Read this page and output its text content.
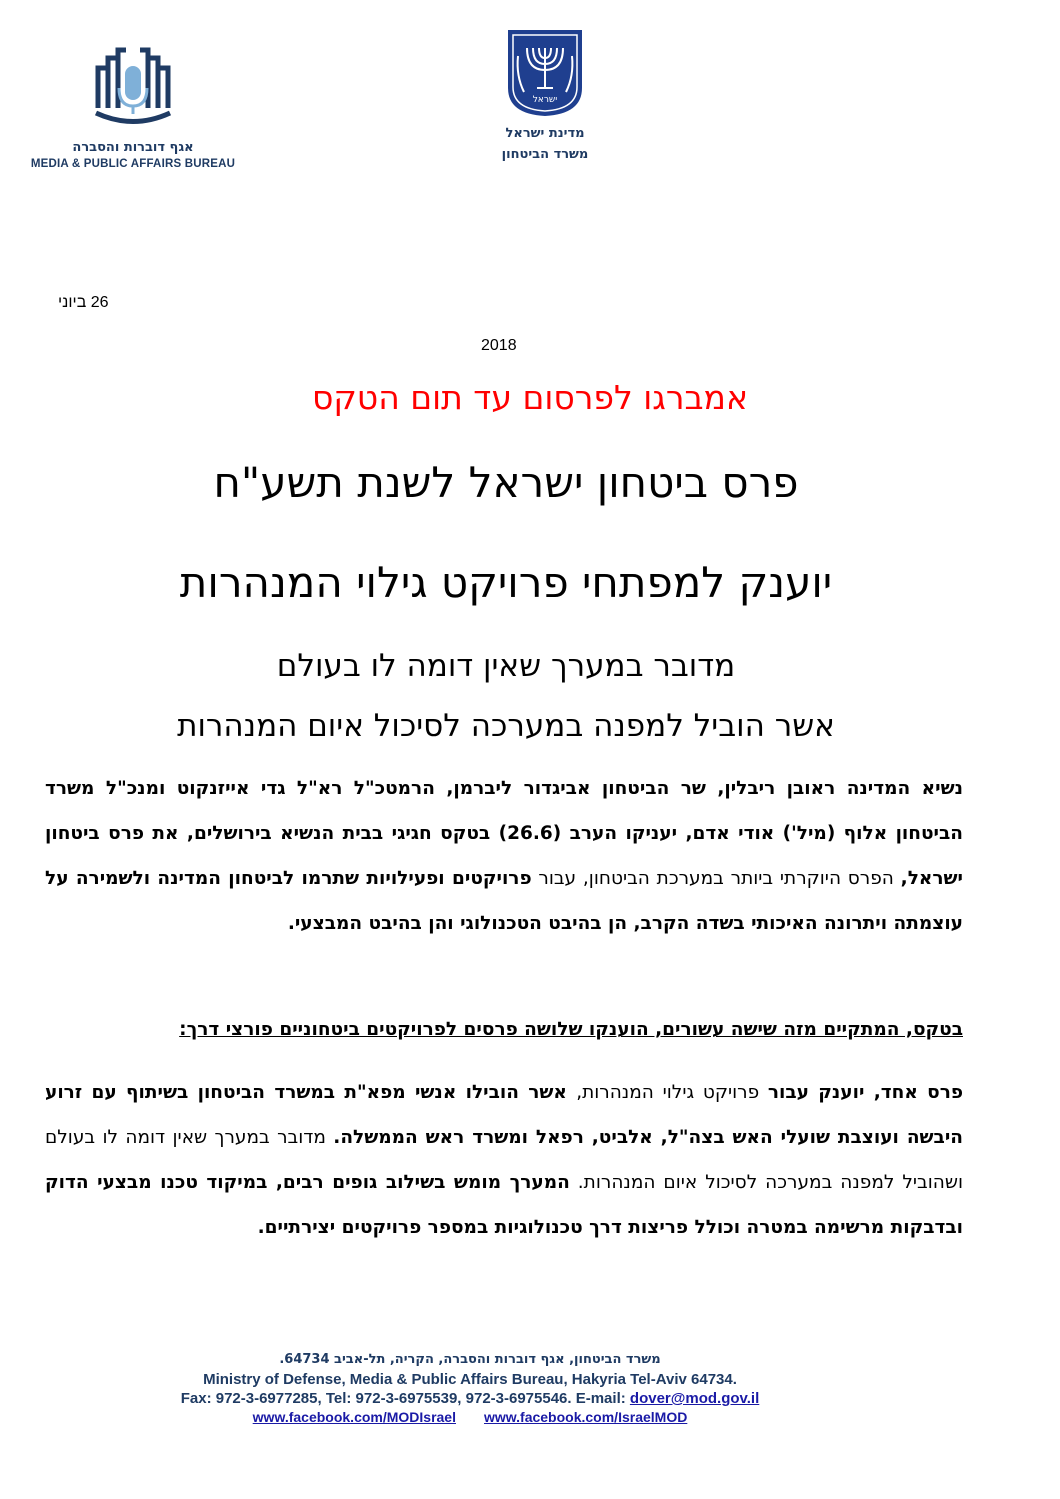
אגף דוברות והסברה
MEDIA & PUBLIC AFFAIRS BUREAU
ישראל
מדינת ישראל
משרד הביטחון
26 ביוני
2018
אמברגו לפרסום עד תום הטקס
פרס ביטחון ישראל לשנת תשע"ח
יוענק למפתחי פרויקט גילוי המנהרות
מדובר במערך שאין דומה לו בעולם
אשר הוביל למפנה במערכה לסיכול איום המנהרות
נשיא המדינה ראובן ריבלין, שר הביטחון אביגדור ליברמן, הרמטכ"ל רא"ל גדי אייזנקוט ומנכ"ל משרד הביטחון אלוף (מיל') אודי אדם, יעניקו הערב (26.6) בטקס חגיגי בבית הנשיא בירושלים, את פרס ביטחון ישראל, הפרס היוקרתי ביותר במערכת הביטחון, עבור פרויקטים ופעילויות שתרמו לביטחון המדינה ולשמירה על עוצמתה ויתרונה האיכותי בשדה הקרב, הן בהיבט הטכנולוגי והן בהיבט המבצעי.
בטקס, המתקיים מזה שישה עשורים, הוענקו שלושה פרסים לפרויקטים ביטחוניים פורצי דרך:
פרס אחד, יוענק עבור פרויקט גילוי המנהרות, אשר הובילו אנשי מפא"ת במשרד הביטחון בשיתוף עם זרוע היבשה ועוצבת שועלי האש בצה"ל, אלביט, רפאל ומשרד ראש הממשלה. מדובר במערך שאין דומה לו בעולם ושהוביל למפנה במערכה לסיכול איום המנהרות. המערך מומש בשילוב גופים רבים, במיקוד טכנו מבצעי הדוק ובדבקות מרשימה במטרה וכולל פריצות דרך טכנולוגיות במספר פרויקטים יצירתיים.
משרד הביטחון, אגף דוברות והסברה, הקריה, תל-אביב 64734.
Ministry of Defense, Media & Public Affairs Bureau, Hakyria Tel-Aviv 64734.
Fax: 972-3-6977285, Tel: 972-3-6975539, 972-3-6975546. E-mail: dover@mod.gov.il
www.facebook.com/MODIsrael www.facebook.com/IsraelMOD
